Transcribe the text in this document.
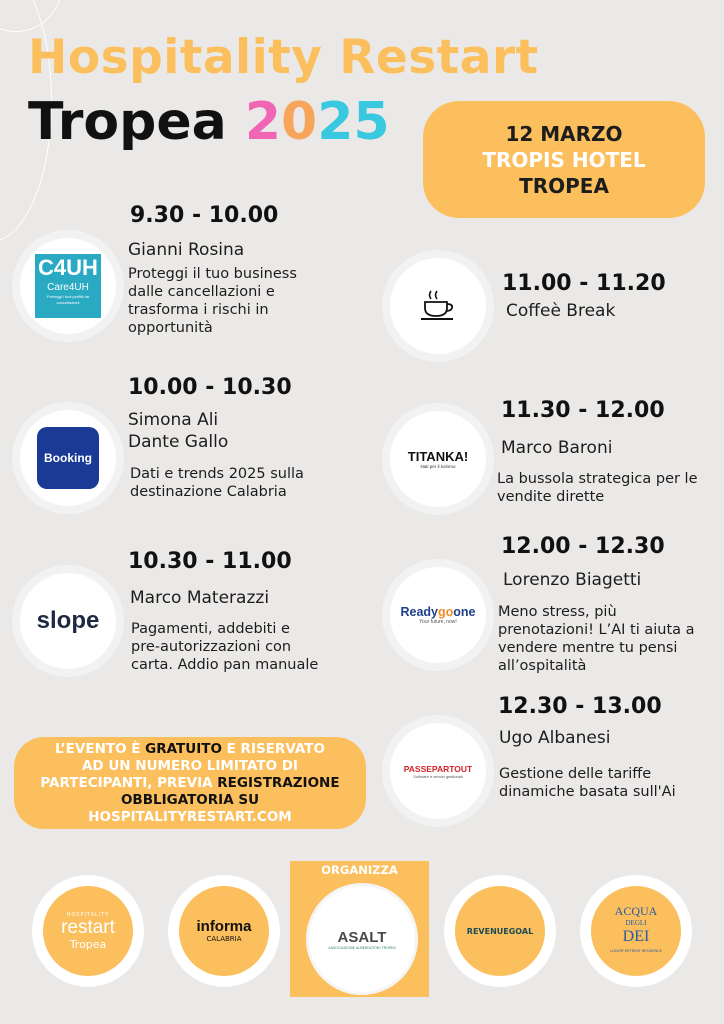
Hospitality Restart
Tropea 2025	12 MARZO
TROPIS HOTEL
TROPEA
C4UH
Care4UH
Proteggi i tuoi profitti da cancellazioni
9.30 - 10.00
Gianni Rosina
Proteggi il tuo business
dalle cancellazioni e
trasforma i rischi in
opportunità
Booking
10.00 - 10.30
Simona Ali
Dante Gallo
Dati e trends 2025 sulla
destinazione Calabria
slope
10.30 - 11.00
Marco Materazzi
Pagamenti, addebiti e
pre-autorizzazioni con
carta. Addio pan manuale
11.00 - 11.20
Coffeè Break
TITANKA!
Nati per il turismo
11.30 - 12.00
Marco Baroni
La bussola strategica per le
vendite dirette
Readygoone
Your future, now!
12.00 - 12.30
Lorenzo Biagetti
Meno stress, più
prenotazioni! L’AI ti aiuta a
vendere mentre tu pensi
all’ospitalità
PASSEPARTOUT
Software e servizi gestionali
12.30 - 13.00
Ugo Albanesi
Gestione delle tariffe
dinamiche basata sull'Ai
L’EVENTO È GRATUITO E RISERVATO
AD UN NUMERO LIMITATO DI
PARTECIPANTI, PREVIA REGISTRAZIONE
OBBLIGATORIA SU
HOSPITALITYRESTART.COM
HOSPITALITY
restart
Tropea
informa
CALABRIA
ORGANIZZA
ASALT
ASSOCIAZIONE ALBERGATORI TROPEA
REVENUEGOAL
ACQUA
DEGLI
DEI
LUXURY RETREAT RESIDENCE
